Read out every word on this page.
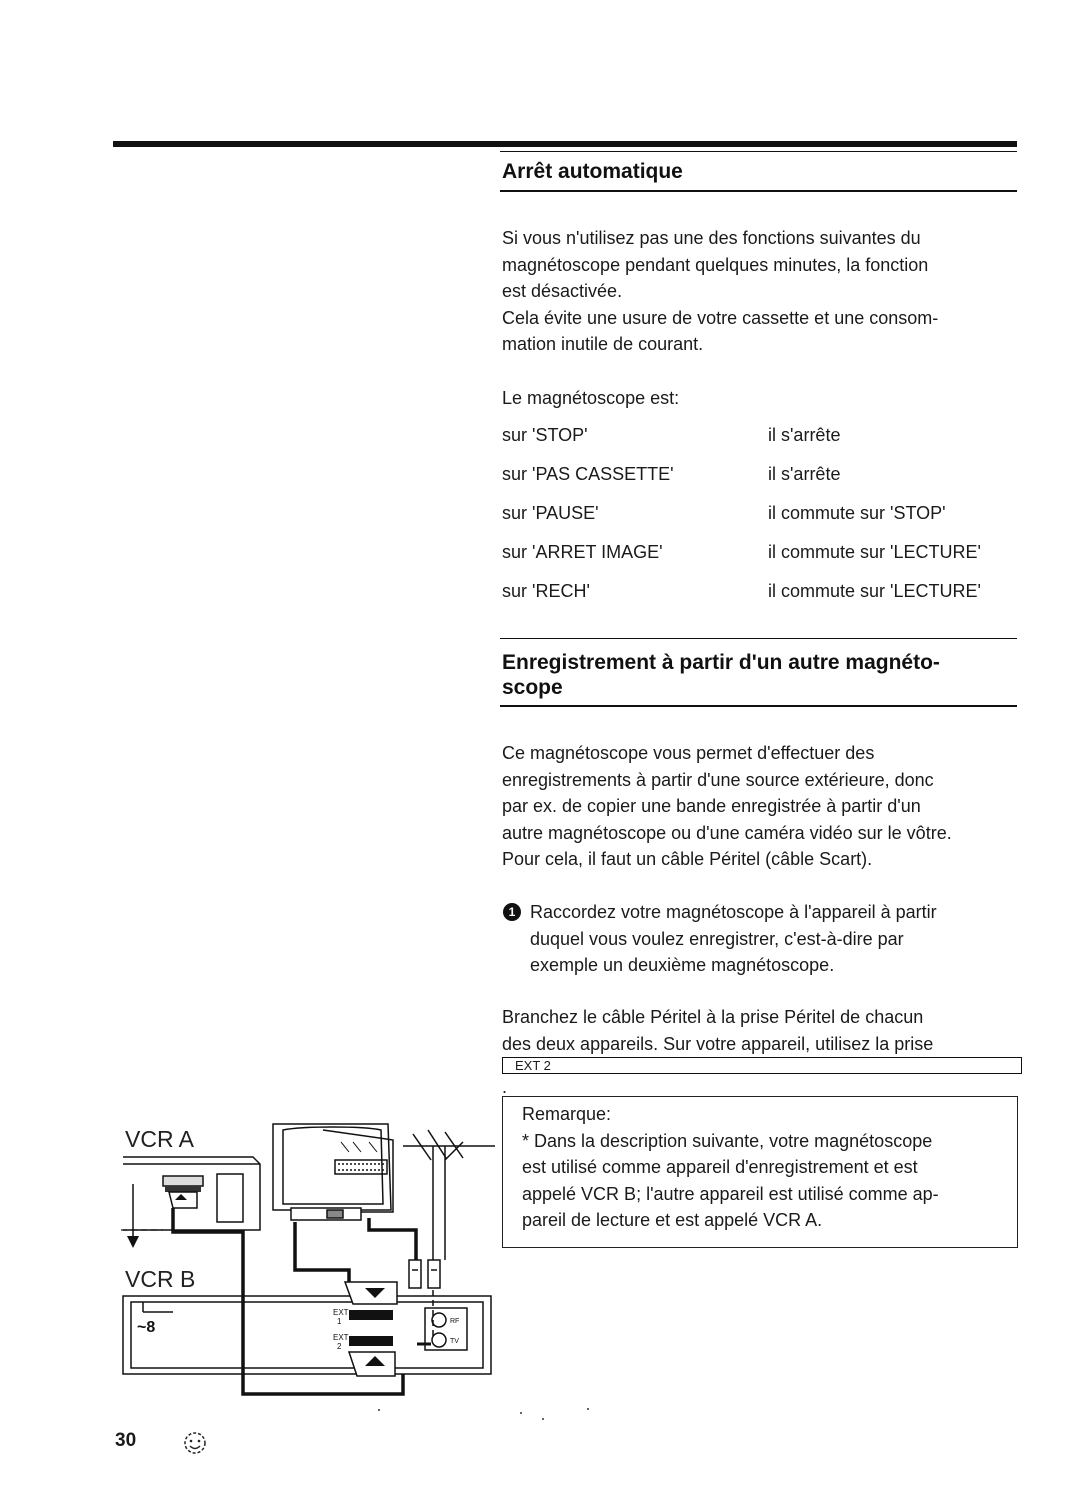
Arrêt automatique
Si vous n'utilisez pas une des fonctions suivantes du
magnétoscope pendant quelques minutes, la fonction
est désactivée.
Cela évite une usure de votre cassette et une consom-
mation inutile de courant.
Le magnétoscope est:
sur 'STOP'	il s'arrête
sur 'PAS CASSETTE'	il s'arrête
sur 'PAUSE'	il commute sur 'STOP'
sur 'ARRET IMAGE'	il commute sur 'LECTURE'
sur 'RECH'	il commute sur 'LECTURE'
Enregistrement à partir d'un autre magnéto-
scope
Ce magnétoscope vous permet d'effectuer des
enregistrements à partir d'une source extérieure, donc
par ex. de copier une bande enregistrée à partir d'un
autre magnétoscope ou d'une caméra vidéo sur le vôtre.
Pour cela, il faut un câble Péritel (câble Scart).
1 Raccordez votre magnétoscope à l'appareil à partir
duquel vous voulez enregistrer, c'est-à-dire par
exemple un deuxième magnétoscope.
Branchez le câble Péritel à la prise Péritel de chacun
des deux appareils. Sur votre appareil, utilisez la prise
EXT 2
.
Remarque:
* Dans la description suivante, votre magnétoscope
est utilisé comme appareil d'enregistrement et est
appelé VCR B; l'autre appareil est utilisé comme ap-
pareil de lecture et est appelé VCR A.
VCR A
VCR B
~8
EXT
1
EXT
2
RF
TV
30
